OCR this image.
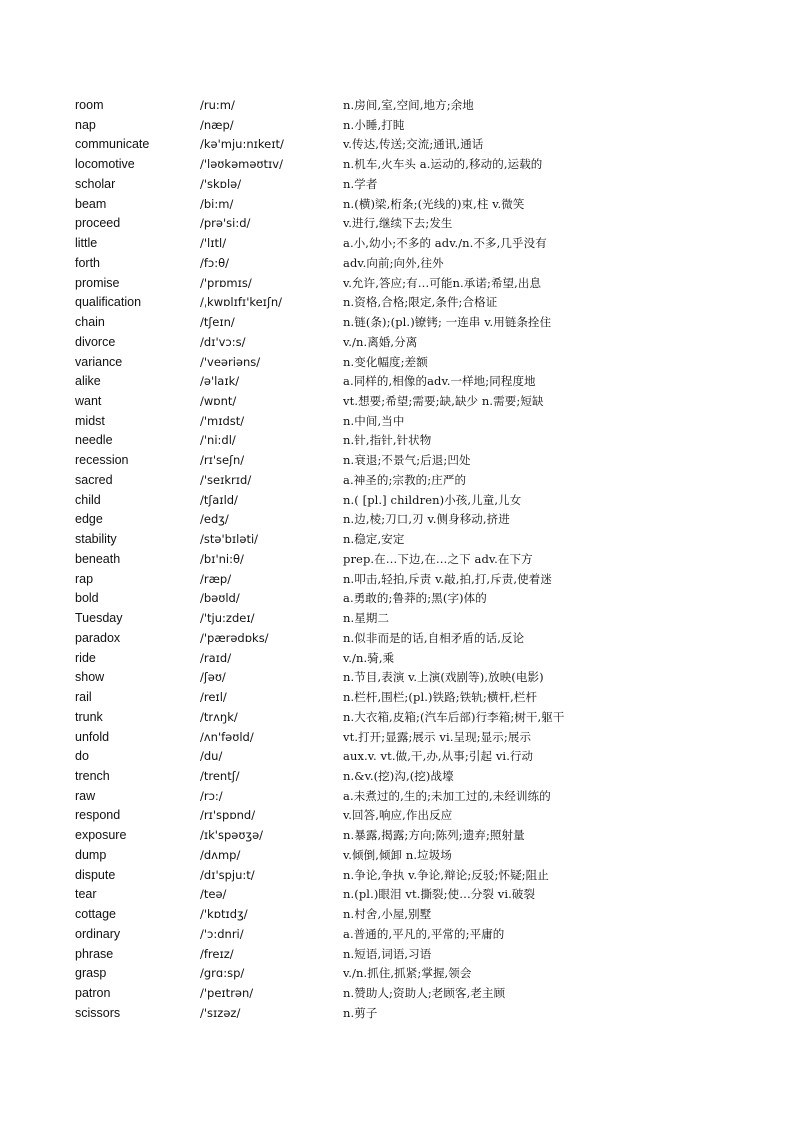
room	/ru:m/	n.房间,室,空间,地方;余地
nap	/næp/	n.小睡,打盹
communicate	/kə'mju:nɪkeɪt/	v.传达,传送;交流;通讯,通话
locomotive	/'ləʊkəməʊtɪv/	n.机车,火车头 a.运动的,移动的,运载的
scholar	/'skɒlə/	n.学者
beam	/bi:m/	n.(横)梁,桁条;(光线的)束,柱 v.微笑
proceed	/prə'si:d/	v.进行,继续下去;发生
little	/'lɪtl/	a.小,幼小;不多的 adv./n.不多,几乎没有
forth	/fɔ:θ/	adv.向前;向外,往外
promise	/'prɒmɪs/	v.允许,答应;有…可能n.承诺;希望,出息
qualification	/ˌkwɒlɪfɪ'keɪʃn/	n.资格,合格;限定,条件;合格证
chain	/tʃeɪn/	n.链(条);(pl.)镣铐; 一连串 v.用链条拴住
divorce	/dɪ'vɔ:s/	v./n.离婚,分离
variance	/'veəriəns/	n.变化幅度;差额
alike	/ə'laɪk/	a.同样的,相像的adv.一样地;同程度地
want	/wɒnt/	vt.想要;希望;需要;缺,缺少 n.需要;短缺
midst	/'mɪdst/	n.中间,当中
needle	/'ni:dl/	n.针,指针,针状物
recession	/rɪ'seʃn/	n.衰退;不景气;后退;凹处
sacred	/'seɪkrɪd/	a.神圣的;宗教的;庄严的
child	/tʃaɪld/	n.( [pl.] children)小孩,儿童,儿女
edge	/edʒ/	n.边,棱;刀口,刃 v.侧身移动,挤进
stability	/stə'bɪləti/	n.稳定,安定
beneath	/bɪ'ni:θ/	prep.在…下边,在…之下 adv.在下方
rap	/ræp/	n.叩击,轻拍,斥责 v.敲,拍,打,斥责,使着迷
bold	/bəʊld/	a.勇敢的;鲁莽的;黑(字)体的
Tuesday	/'tju:zdeɪ/	n.星期二
paradox	/'pærədɒks/	n.似非而是的话,自相矛盾的话,反论
ride	/raɪd/	v./n.骑,乘
show	/ʃəʊ/	n.节目,表演 v.上演(戏剧等),放映(电影)
rail	/reɪl/	n.栏杆,围栏;(pl.)铁路;铁轨;横杆,栏杆
trunk	/trʌŋk/	n.大衣箱,皮箱;(汽车后部)行李箱;树干,躯干
unfold	/ʌn'fəʊld/	vt.打开;显露;展示 vi.呈现;显示;展示
do	/du/	aux.v. vt.做,干,办,从事;引起 vi.行动
trench	/trentʃ/	n.&v.(挖)沟,(挖)战壕
raw	/rɔ:/	a.未煮过的,生的;未加工过的,未经训练的
respond	/rɪ'spɒnd/	v.回答,响应,作出反应
exposure	/ɪk'spəʊʒə/	n.暴露,揭露;方向;陈列;遗弃;照射量
dump	/dʌmp/	v.倾倒,倾卸 n.垃圾场
dispute	/dɪ'spju:t/	n.争论,争执 v.争论,辩论;反驳;怀疑;阻止
tear	/teə/	n.(pl.)眼泪 vt.撕裂;使…分裂 vi.破裂
cottage	/'kɒtɪdʒ/	n.村舍,小屋,别墅
ordinary	/'ɔ:dnri/	a.普通的,平凡的,平常的;平庸的
phrase	/freɪz/	n.短语,词语,习语
grasp	/grɑ:sp/	v./n.抓住,抓紧;掌握,领会
patron	/'peɪtrən/	n.赞助人;资助人;老顾客,老主顾
scissors	/'sɪzəz/	n.剪子
